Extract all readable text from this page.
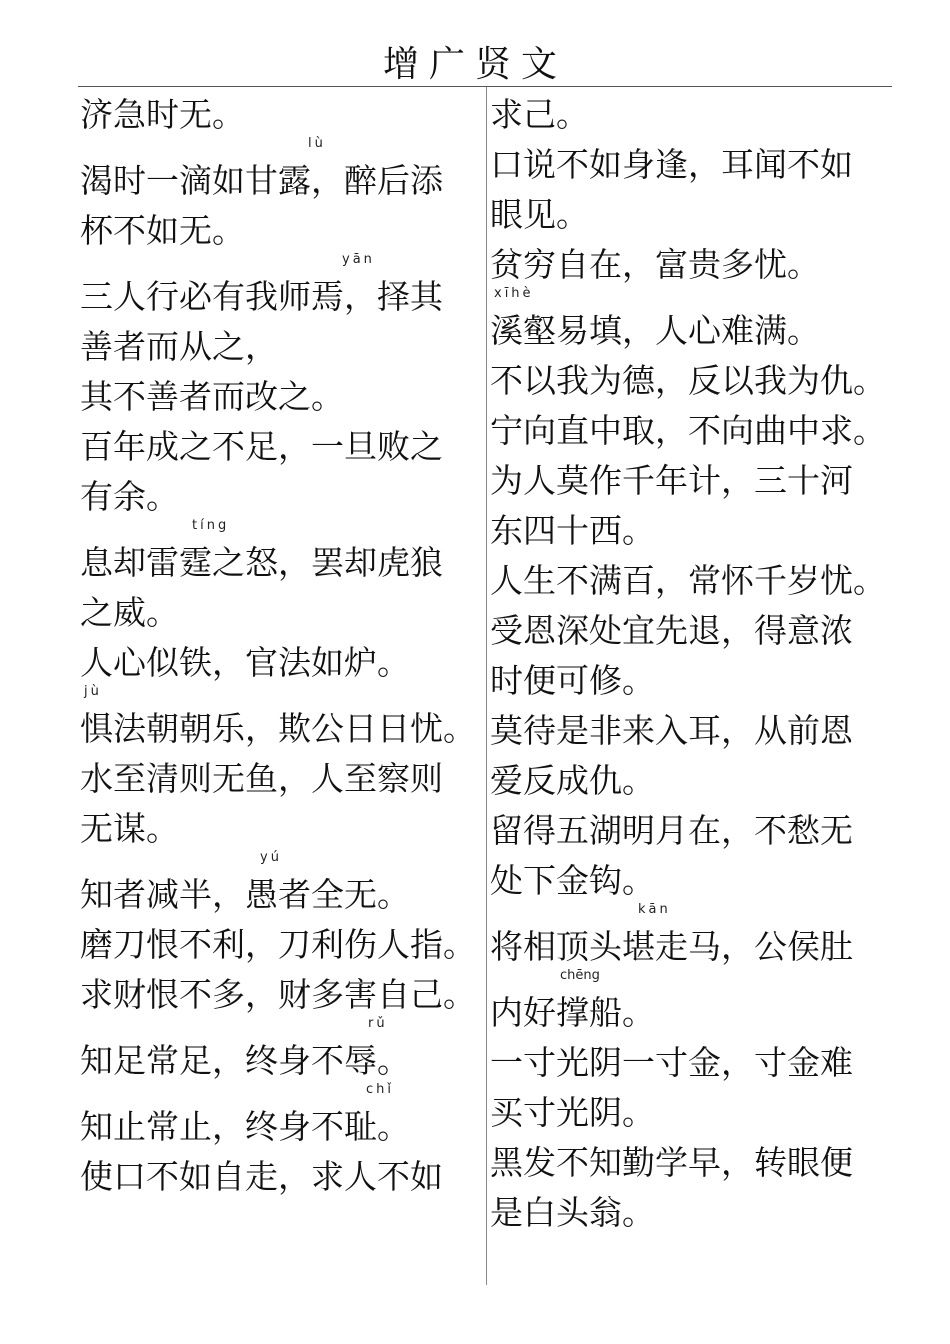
增广贤文
济急时无。
lù
渴时一滴如甘露，醉后添
杯不如无。
yān
三人行必有我师焉，择其
善者而从之，
其不善者而改之。
百年成之不足，一旦败之
有余。
tíng
息却雷霆之怒，罢却虎狼
之威。
人心似铁，官法如炉。
jù
惧法朝朝乐，欺公日日忧。
水至清则无鱼，人至察则
无谋。
yú
知者减半，愚者全无。
磨刀恨不利，刀利伤人指。
求财恨不多，财多害自己。
rǔ
知足常足，终身不辱。
chǐ
知止常止，终身不耻。
使口不如自走，求人不如
求己。
口说不如身逢，耳闻不如
眼见。
贫穷自在，富贵多忧。
xīhè
溪壑易填，人心难满。
不以我为德，反以我为仇。
宁向直中取，不向曲中求。
为人莫作千年计，三十河
东四十西。
人生不满百，常怀千岁忧。
受恩深处宜先退，得意浓
时便可修。
莫待是非来入耳，从前恩
爱反成仇。
留得五湖明月在，不愁无
处下金钩。
kān
将相顶头堪走马，公侯肚
chēng
内好撑船。
一寸光阴一寸金，寸金难
买寸光阴。
黑发不知勤学早，转眼便
是白头翁。
